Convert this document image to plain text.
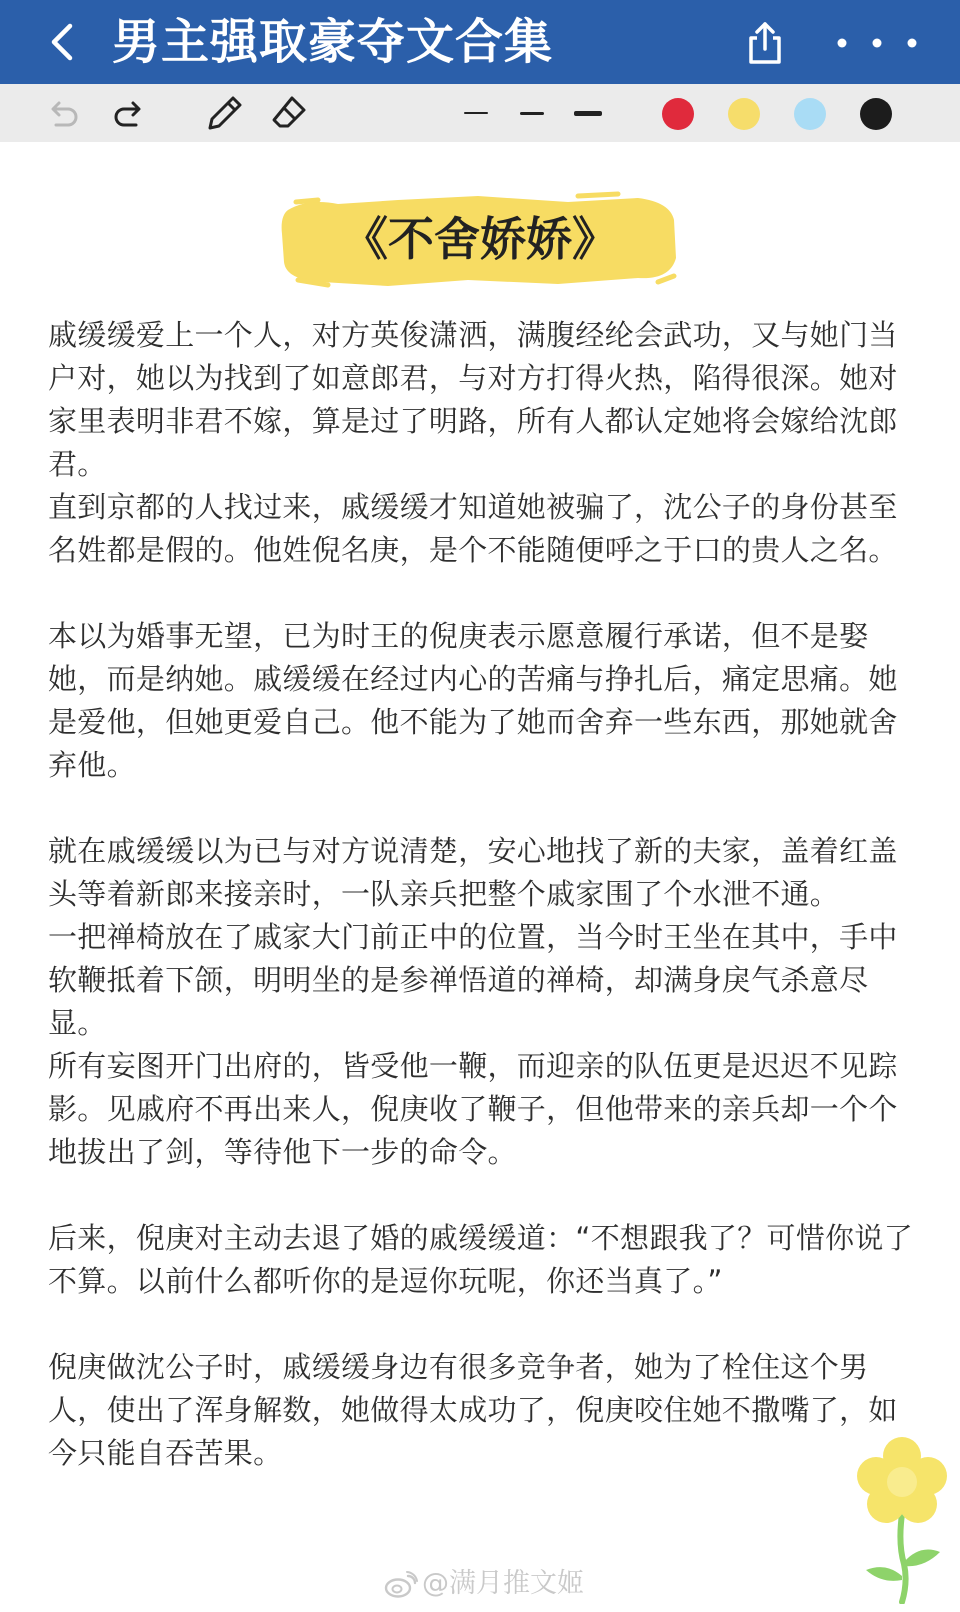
男主强取豪夺文合集
《不舍娇娇》

戚缓缓爱上一个人，对方英俊潇洒，满腹经纶会武功，又与她门当户对，她以为找到了如意郎君，与对方打得火热，陷得很深。她对家里表明非君不嫁，算是过了明路，所有人都认定她将会嫁给沈郎君。

直到京都的人找过来，戚缓缓才知道她被骗了，沈公子的身份甚至名姓都是假的。他姓倪名庚，是个不能随便呼之于口的贵人之名。

本以为婚事无望，已为时王的倪庚表示愿意履行承诺，但不是娶她，而是纳她。戚缓缓在经过内心的苦痛与挣扎后，痛定思痛。她是爱他，但她更爱自己。他不能为了她而舍弃一些东西，那她就舍弃他。

就在戚缓缓以为已与对方说清楚，安心地找了新的夫家，盖着红盖头等着新郎来接亲时，一队亲兵把整个戚家围了个水泄不通。

一把禅椅放在了戚家大门前正中的位置，当今时王坐在其中，手中软鞭抵着下颌，明明坐的是参禅悟道的禅椅，却满身戾气杀意尽显。

所有妄图开门出府的，皆受他一鞭，而迎亲的队伍更是迟迟不见踪影。见戚府不再出来人，倪庚收了鞭子，但他带来的亲兵却一个个地拔出了剑，等待他下一步的命令。

后来，倪庚对主动去退了婚的戚缓缓道：“不想跟我了？可惜你说了不算。以前什么都听你的是逗你玩呢，你还当真了。”

倪庚做沈公子时，戚缓缓身边有很多竞争者，她为了栓住这个男人，使出了浑身解数，她做得太成功了，倪庚咬住她不撒嘴了，如今只能自吞苦果。

@满月推文姬
